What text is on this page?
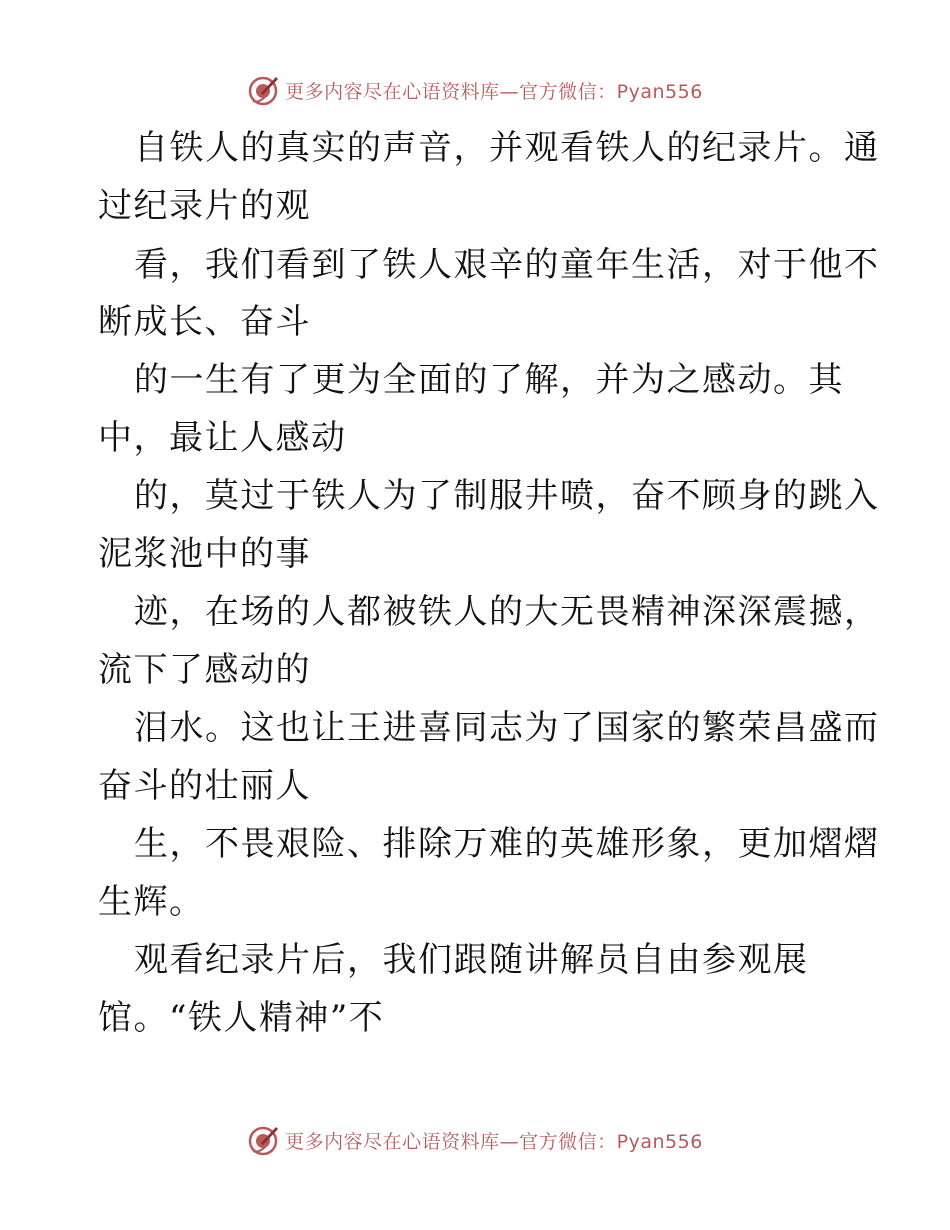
更多内容尽在心语资料库—官方微信：Pyan556
自铁人的真实的声音，并观看铁人的纪录片。通
过纪录片的观
看，我们看到了铁人艰辛的童年生活，对于他不
断成长、奋斗
的一生有了更为全面的了解，并为之感动。其
中，最让人感动
的，莫过于铁人为了制服井喷，奋不顾身的跳入
泥浆池中的事
迹，在场的人都被铁人的大无畏精神深深震撼，
流下了感动的
泪水。这也让王进喜同志为了国家的繁荣昌盛而
奋斗的壮丽人
生，不畏艰险、排除万难的英雄形象，更加熠熠
生辉。
观看纪录片后，我们跟随讲解员自由参观展
馆。“铁人精神”不
更多内容尽在心语资料库—官方微信：Pyan556
